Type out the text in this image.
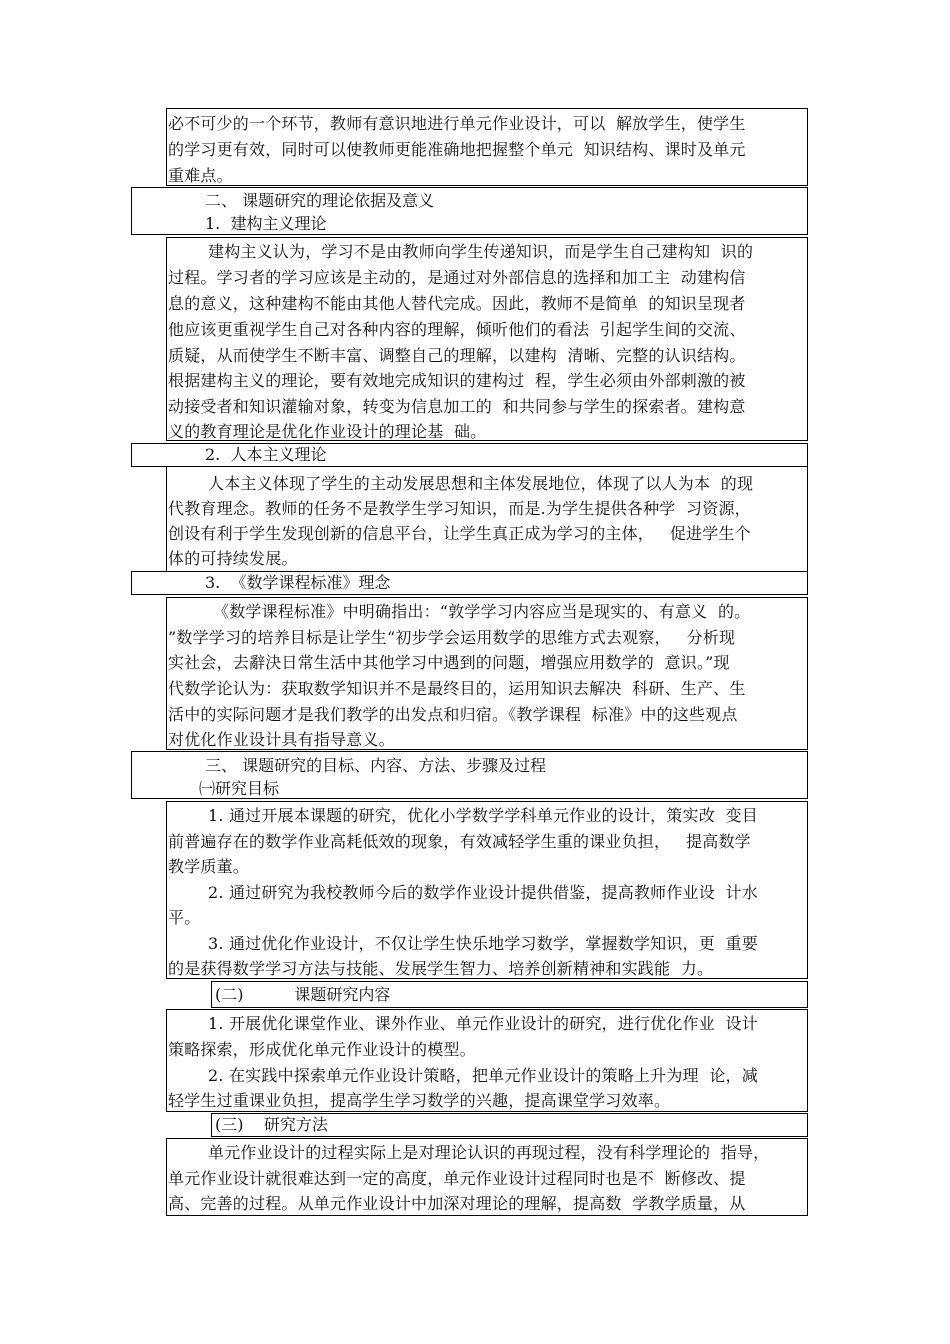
必不可少的一个环节，教师有意识地进行单元作业设计，可以  解放学生，使学生
的学习更有效，同时可以使教师更能准确地把握整个单元  知识结构、课时及单元
重难点。
二、 课题研究的理论依据及意义
1.  建构主义理论
建构主义认为，学习不是由教师向学生传递知识，而是学生自己建构知  识的
过程。学习者的学习应该是主动的，是通过对外部信息的选择和加工主  动建构信
息的意义，这种建构不能由其他人替代完成。因此，教师不是简单  的知识呈现者
他应该更重视学生自己对各种内容的理解，倾听他们的看法  引起学生间的交流、
质疑，从而使学生不断丰富、调整自己的理解，以建构  清晰、完整的认识结构。
根据建构主义的理论，要有效地完成知识的建构过  程，学生必须由外部刺激的被
动接受者和知识灌输对象，转变为信息加工的  和共同参与学生的探索者。建构意
义的教育理论是优化作业设计的理论基  础。
2.  人本主义理论
人本主义体现了学生的主动发展思想和主体发展地位，体现了以人为本  的现
代教育理念。教师的任务不是教学生学习知识，而是.为学生提供各种学  习资源，
创设有利于学生发现创新的信息平台，让学生真正成为学习的主体，   促进学生个
体的可持续发展。
3.  《数学课程标准》理念
《数学课程标准》中明确指出：“敦学学习内容应当是现实的、有意义  的。
”数学学习的培养目标是让学生“初步学会运用数学的思维方式去观察，   分析现
实社会，去辭決日常生活中其他学习中遇到的问题，增强应用数学的  意识。”现
代数学论认为：获取数学知识并不是最终目的，运用知识去解决  科研、生产、生
活中的实际问题才是我们教学的出发点和归宿。《教学课程  标准》中的这些观点
对优化作业设计具有指导意义。
三、 课题研究的目标、内容、方法、步骤及过程
㈠研究目标
1. 通过开展本课题的研究，优化小学数学学科单元作业的设计，策实改  变目
前普遍存在的数学作业高耗低效的现象，有效减轻学生重的课业负担，   提高数学
教学质董。
2. 通过研究为我校教师今后的数学作业设计提供借鉴，提高教师作业设  计水
平。
3. 通过优化作业设计，不仅让学生快乐地学习数学，掌握数学知识，更  重要
的是获得数学学习方法与技能、发展学生智力、培养创新精神和实践能  力。
(二)          课题研究内容
1. 开展优化课堂作业、课外作业、单元作业设计的研究，进行优化作业  设计
策略探索，形成优化单元作业设计的模型。
2. 在实践中探索单元作业设计策略，把单元作业设计的策略上升为理  论，减
轻学生过重课业负担，提高学生学习数学的兴趣，提高课堂学习效率。
(三)    研究方法
单元作业设计的过程实际上是对理论认识的再现过程，没有科学理论的  指导，
单元作业设计就很难达到一定的高度，单元作业设计过程同时也是不  断修改、提
高、完善的过程。从单元作业设计中加深对理论的理解，提高数  学教学质量，从
